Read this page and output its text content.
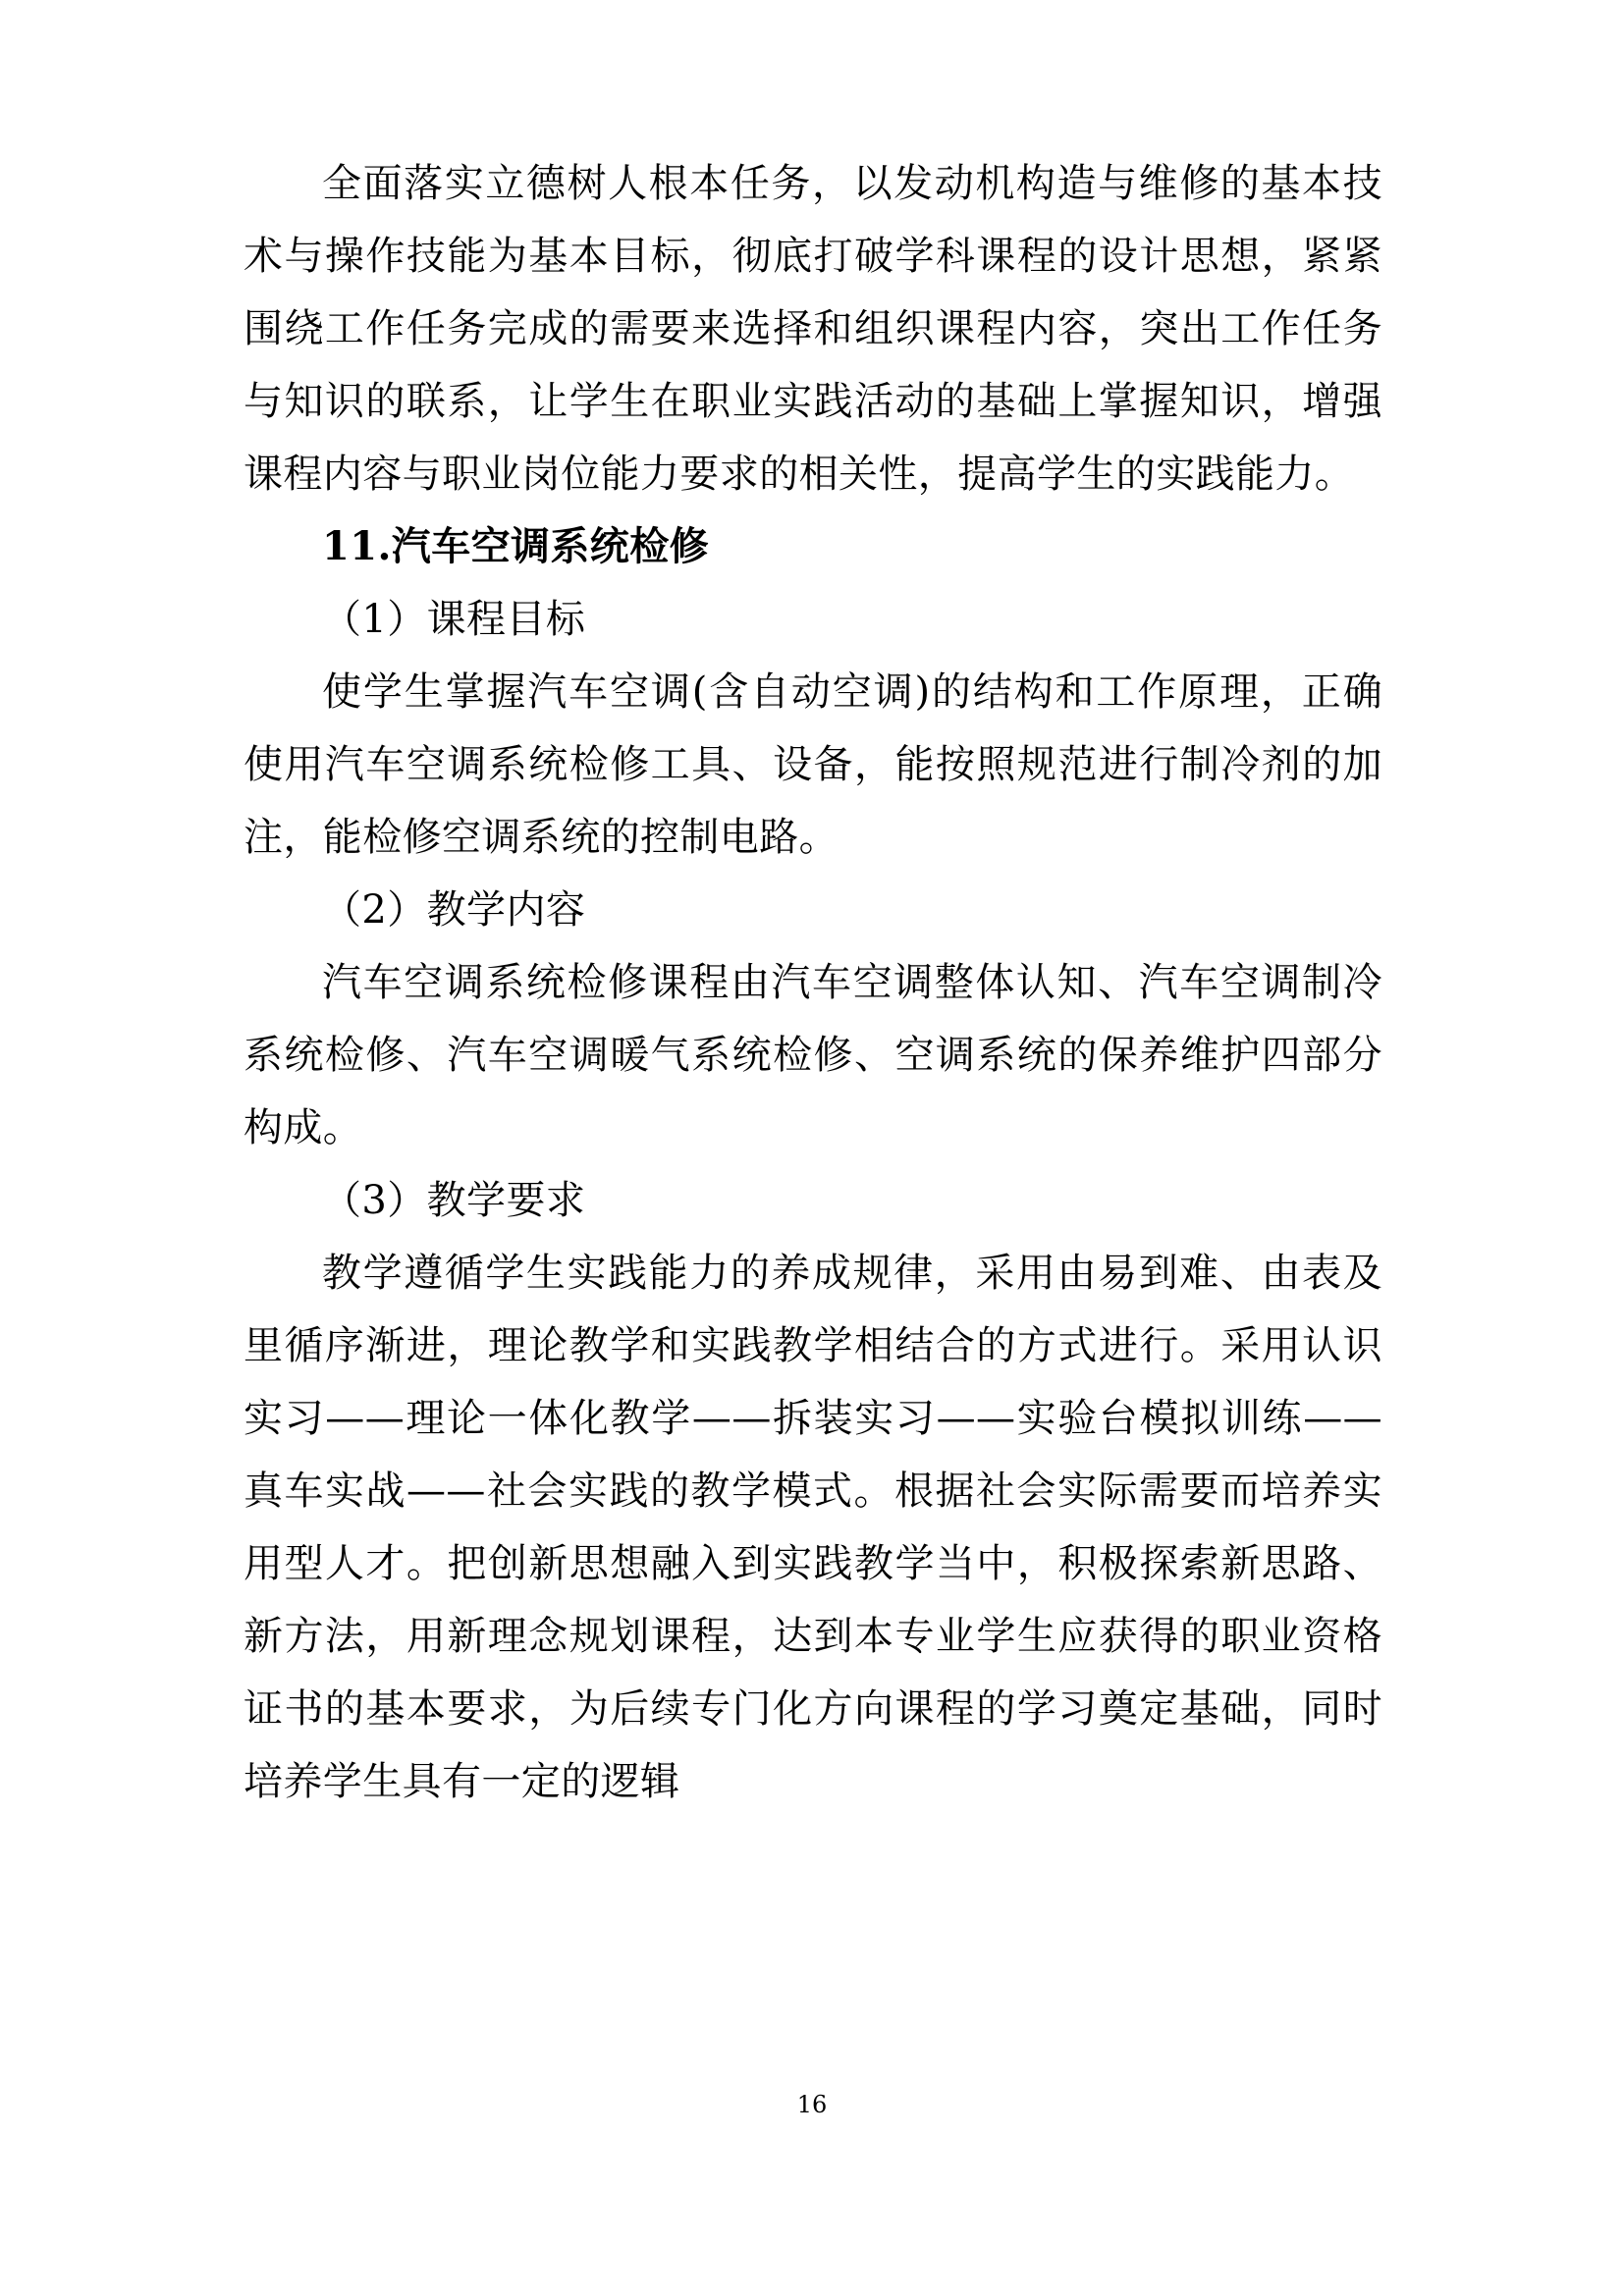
全面落实立德树人根本任务，以发动机构造与维修的基本技术与操作技能为基本目标，彻底打破学科课程的设计思想，紧紧围绕工作任务完成的需要来选择和组织课程内容，突出工作任务与知识的联系，让学生在职业实践活动的基础上掌握知识，增强课程内容与职业岗位能力要求的相关性，提高学生的实践能力。

11.汽车空调系统检修

（1）课程目标

使学生掌握汽车空调(含自动空调)的结构和工作原理，正确使用汽车空调系统检修工具、设备，能按照规范进行制冷剂的加注，能检修空调系统的控制电路。

（2）教学内容

汽车空调系统检修课程由汽车空调整体认知、汽车空调制冷系统检修、汽车空调暖气系统检修、空调系统的保养维护四部分构成。

（3）教学要求

教学遵循学生实践能力的养成规律，采用由易到难、由表及里循序渐进，理论教学和实践教学相结合的方式进行。采用认识实习——理论一体化教学——拆装实习——实验台模拟训练——真车实战——社会实践的教学模式。根据社会实际需要而培养实用型人才。把创新思想融入到实践教学当中，积极探索新思路、新方法，用新理念规划课程，达到本专业学生应获得的职业资格证书的基本要求，为后续专门化方向课程的学习奠定基础，同时培养学生具有一定的逻辑

16
